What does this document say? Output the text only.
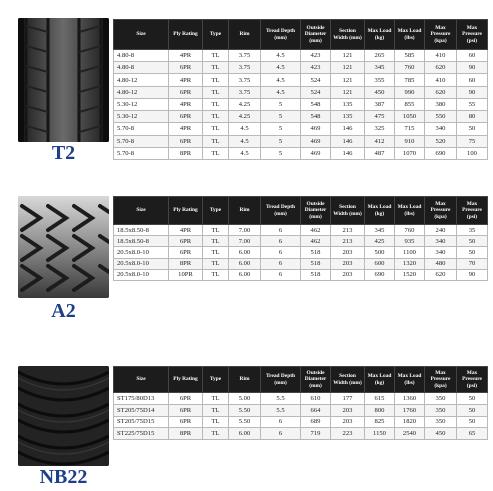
T2
Size	Ply Rating	Type	Rim	Tread Depth (mm)	Outside Diameter (mm)	Section Width (mm)	Max Load (kg)	Max Load (lbs)	Max Pressure (kpa)	Max Pressure (psi)
4.80-8	4PR	TL	3.75	4.5	423	121	265	585	410	60
4.80-8	6PR	TL	3.75	4.5	423	121	345	760	620	90
4.80-12	4PR	TL	3.75	4.5	524	121	355	785	410	60
4.80-12	6PR	TL	3.75	4.5	524	121	450	990	620	90
5.30-12	4PR	TL	4.25	5	548	135	387	855	380	55
5.30-12	6PR	TL	4.25	5	548	135	475	1050	550	80
5.70-8	4PR	TL	4.5	5	469	146	325	715	340	50
5.70-8	6PR	TL	4.5	5	469	146	412	910	520	75
5.70-8	8PR	TL	4.5	5	469	146	487	1070	690	100
A2
Size	Ply Rating	Type	Rim	Tread Depth (mm)	Outside Diameter (mm)	Section Width (mm)	Max Load (kg)	Max Load (lbs)	Max Pressure (kpa)	Max Pressure (psi)
18.5x8.50-8	4PR	TL	7.00	6	462	213	345	760	240	35
18.5x8.50-8	6PR	TL	7.00	6	462	213	425	935	340	50
20.5x8.0-10	6PR	TL	6.00	6	518	203	500	1100	340	50
20.5x8.0-10	8PR	TL	6.00	6	518	203	600	1320	480	70
20.5x8.0-10	10PR	TL	6.00	6	518	203	690	1520	620	90
NB22
Size	Ply Rating	Type	Rim	Tread Depth (mm)	Outside Diameter (mm)	Section Width (mm)	Max Load (kg)	Max Load (lbs)	Max Pressure (kpa)	Max Pressure (psi)
ST175/80D13	6PR	TL	5.00	5.5	610	177	615	1360	350	50
ST205/75D14	6PR	TL	5.50	5.5	664	203	800	1760	350	50
ST205/75D15	6PR	TL	5.50	6	689	203	825	1820	350	50
ST225/75D15	8PR	TL	6.00	6	719	223	1150	2540	450	65
